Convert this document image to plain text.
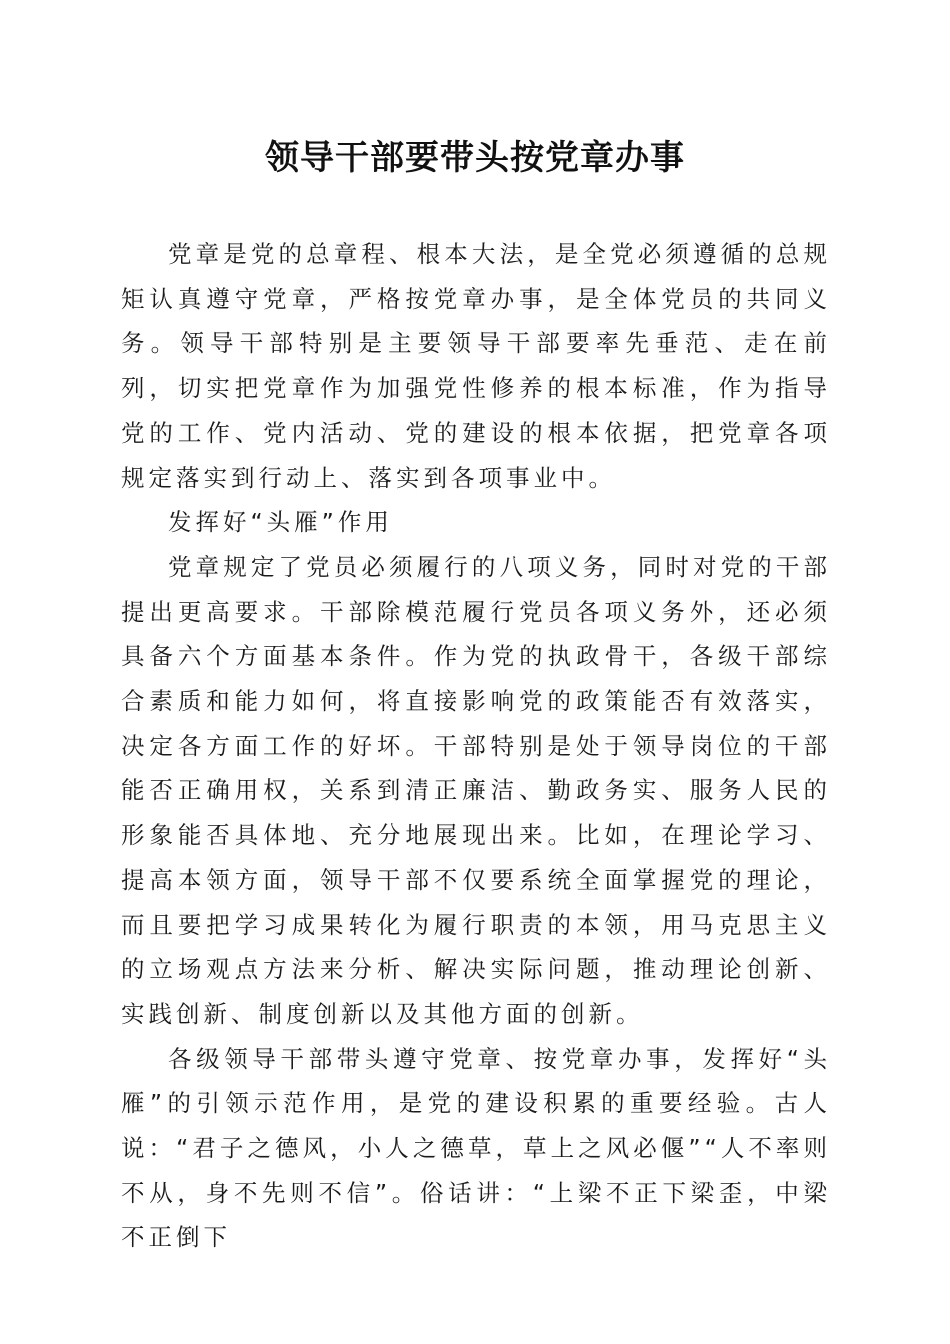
领导干部要带头按党章办事

党章是党的总章程、根本大法，是全党必须遵循的总规矩认真遵守党章，严格按党章办事，是全体党员的共同义务。领导干部特别是主要领导干部要率先垂范、走在前列，切实把党章作为加强党性修养的根本标准，作为指导党的工作、党内活动、党的建设的根本依据，把党章各项规定落实到行动上、落实到各项事业中。

发挥好“头雁”作用

党章规定了党员必须履行的八项义务，同时对党的干部提出更高要求。干部除模范履行党员各项义务外，还必须具备六个方面基本条件。作为党的执政骨干，各级干部综合素质和能力如何，将直接影响党的政策能否有效落实，决定各方面工作的好坏。干部特别是处于领导岗位的干部能否正确用权，关系到清正廉洁、勤政务实、服务人民的形象能否具体地、充分地展现出来。比如，在理论学习、提高本领方面，领导干部不仅要系统全面掌握党的理论，而且要把学习成果转化为履行职责的本领，用马克思主义的立场观点方法来分析、解决实际问题，推动理论创新、实践创新、制度创新以及其他方面的创新。

各级领导干部带头遵守党章、按党章办事，发挥好“头雁”的引领示范作用，是党的建设积累的重要经验。古人说：“君子之德风，小人之德草，草上之风必偃”“人不率则不从，身不先则不信”。俗话讲：“上梁不正下梁歪，中梁不正倒下
